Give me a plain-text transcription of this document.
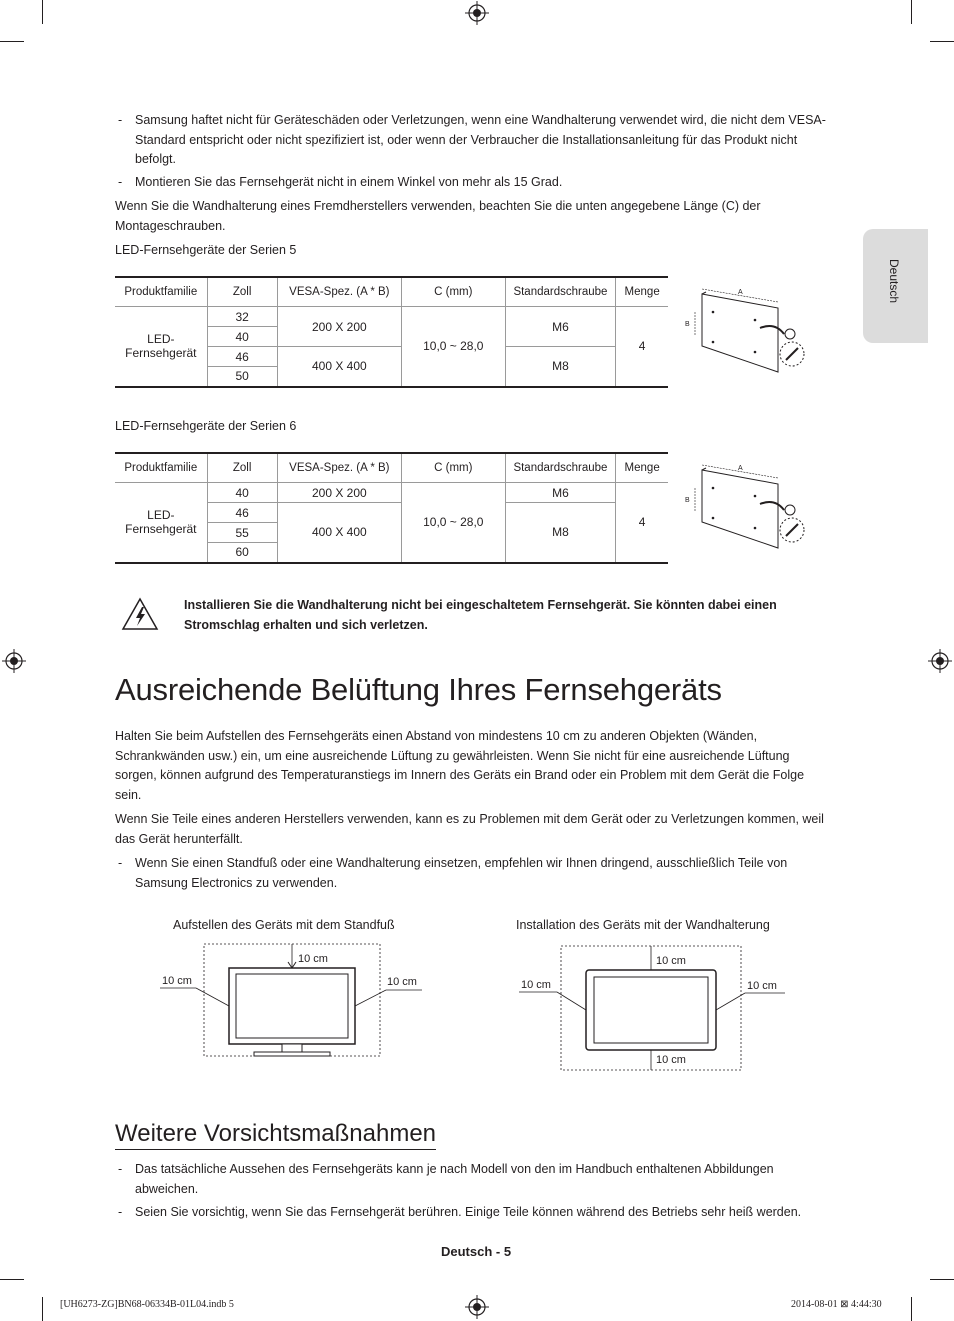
Deutsch
- Samsung haftet nicht für Geräteschäden oder Verletzungen, wenn eine Wandhalterung verwendet wird, die nicht dem VESA-Standard entspricht oder nicht spezifiziert ist, oder wenn der Verbraucher die Installationsanleitung für das Produkt nicht befolgt.
- Montieren Sie das Fernsehgerät nicht in einem Winkel von mehr als 15 Grad.
Wenn Sie die Wandhalterung eines Fremdherstellers verwenden, beachten Sie die unten angegebene Länge (C) der Montageschrauben.
LED-Fernsehgeräte der Serien 5
Produktfamilie	Zoll	VESA-Spez. (A * B)	C (mm)	Standardschraube	Menge
LED-
Fernsehgerät	32	200 X 200	10,0 ~ 28,0	M6	4
	40				
	46	400 X 400		M8	
	50				
A
B
LED-Fernsehgeräte der Serien 6
Produktfamilie	Zoll	VESA-Spez. (A * B)	C (mm)	Standardschraube	Menge
LED-
Fernsehgerät	40	200 X 200	10,0 ~ 28,0	M6	4
	46	400 X 400		M8	
	55				
	60				
A
B
Installieren Sie die Wandhalterung nicht bei eingeschaltetem Fernsehgerät. Sie könnten dabei einen Stromschlag erhalten und sich verletzen.
Ausreichende Belüftung Ihres Fernsehgeräts
Halten Sie beim Aufstellen des Fernsehgeräts einen Abstand von mindestens 10 cm zu anderen Objekten (Wänden, Schrankwänden usw.) ein, um eine ausreichende Lüftung zu gewährleisten. Wenn Sie nicht für eine ausreichende Lüftung sorgen, können aufgrund des Temperaturanstiegs im Innern des Geräts ein Brand oder ein Problem mit dem Gerät die Folge sein.
Wenn Sie Teile eines anderen Herstellers verwenden, kann es zu Problemen mit dem Gerät oder zu Verletzungen kommen, weil das Gerät herunterfällt.
- Wenn Sie einen Standfuß oder eine Wandhalterung einsetzen, empfehlen wir Ihnen dringend, ausschließlich Teile von Samsung Electronics zu verwenden.
Aufstellen des Geräts mit dem Standfuß	Installation des Geräts mit der Wandhalterung
10 cm
10 cm	10 cm
10 cm
10 cm
10 cm	10 cm
Weitere Vorsichtsmaßnahmen
- Das tatsächliche Aussehen des Fernsehgeräts kann je nach Modell von den im Handbuch enthaltenen Abbildungen abweichen.
- Seien Sie vorsichtig, wenn Sie das Fernsehgerät berühren. Einige Teile können während des Betriebs sehr heiß werden.
Deutsch - 5
[UH6273-ZG]BN68-06334B-01L04.indb 5	2014-08-01 ⊠ 4:44:30
